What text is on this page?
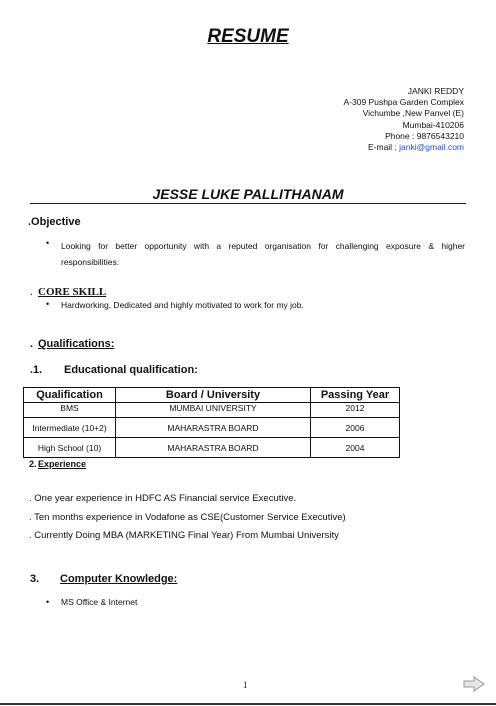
RESUME
JANKI REDDY
A-309 Pushpa Garden Complex
Vichumbe ,New Panvel (E)
Mumbai-410206
Phone : 9876543210
E-mail : janki@gmail.com
JESSE LUKE PALLITHANAM
.Objective
• Looking for better opportunity with a reputed organisation for challenging exposure & higher responsibilities.
. CORE SKILL
• Hardworking, Dedicated and highly motivated to work for my job.
. Qualifications:
.1. Educational qualification:
Qualification	Board / University	Passing Year
BMS	MUMBAI UNIVERSITY	2012
Intermediate (10+2)	MAHARASTRA BOARD	2006
High School (10)	MAHARASTRA BOARD	2004
2. Experience
. One year experience in HDFC AS Financial service Executive.
. Ten months experience in Vodafone as CSE(Customer Service Executive)
. Currently Doing MBA (MARKETING Final Year) From Mumbai University
3. Computer Knowledge:
• MS Office & Internet
1
